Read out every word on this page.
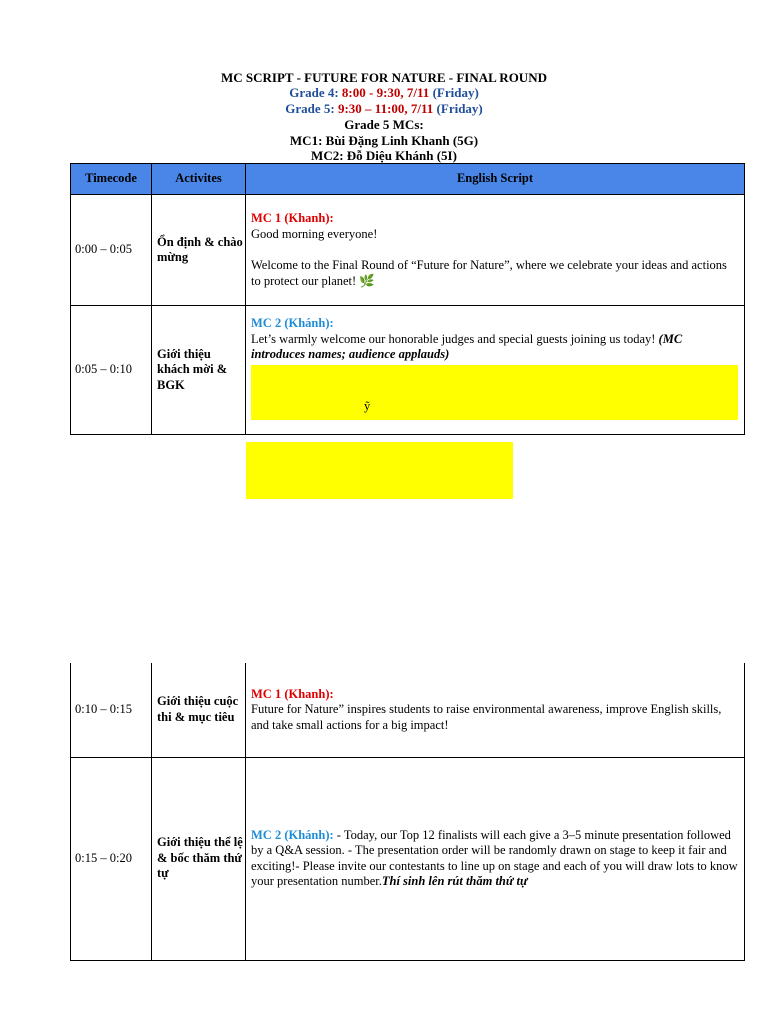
MC SCRIPT - FUTURE FOR NATURE - FINAL ROUND
Grade 4: 8:00 - 9:30, 7/11 (Friday)
Grade 5: 9:30 – 11:00, 7/11 (Friday)
Grade 5 MCs:
MC1: Bùi Đặng Linh Khanh (5G)
MC2: Đỗ Diệu Khánh (5I)
Timecode	Activites	English Script
0:00 – 0:05	Ổn định & chào mừng	MC 1 (Khanh):
Good morning everyone!
Welcome to the Final Round of “Future for Nature”, where we celebrate your ideas and actions to protect our planet! 🌿

0:05 – 0:10	Giới thiệu khách mời & BGK	MC 2 (Khánh):
Let’s warmly welcome our honorable judges and special guests joining us today! (MC introduces names; audience applauds)
ỹ
0:10 – 0:15	Giới thiệu cuộc thi & mục tiêu	MC 1 (Khanh):
Future for Nature” inspires students to raise environmental awareness, improve English skills, and take small actions for a big impact!

0:15 – 0:20	Giới thiệu thể lệ & bốc thăm thứ tự	MC 2 (Khánh): - Today, our Top 12 finalists will each give a 3–5 minute presentation followed by a Q&A session. - The presentation order will be randomly drawn on stage to keep it fair and exciting!- Please invite our contestants to line up on stage and each of you will draw lots to know your presentation number.Thí sinh lên rút thăm thứ tự
